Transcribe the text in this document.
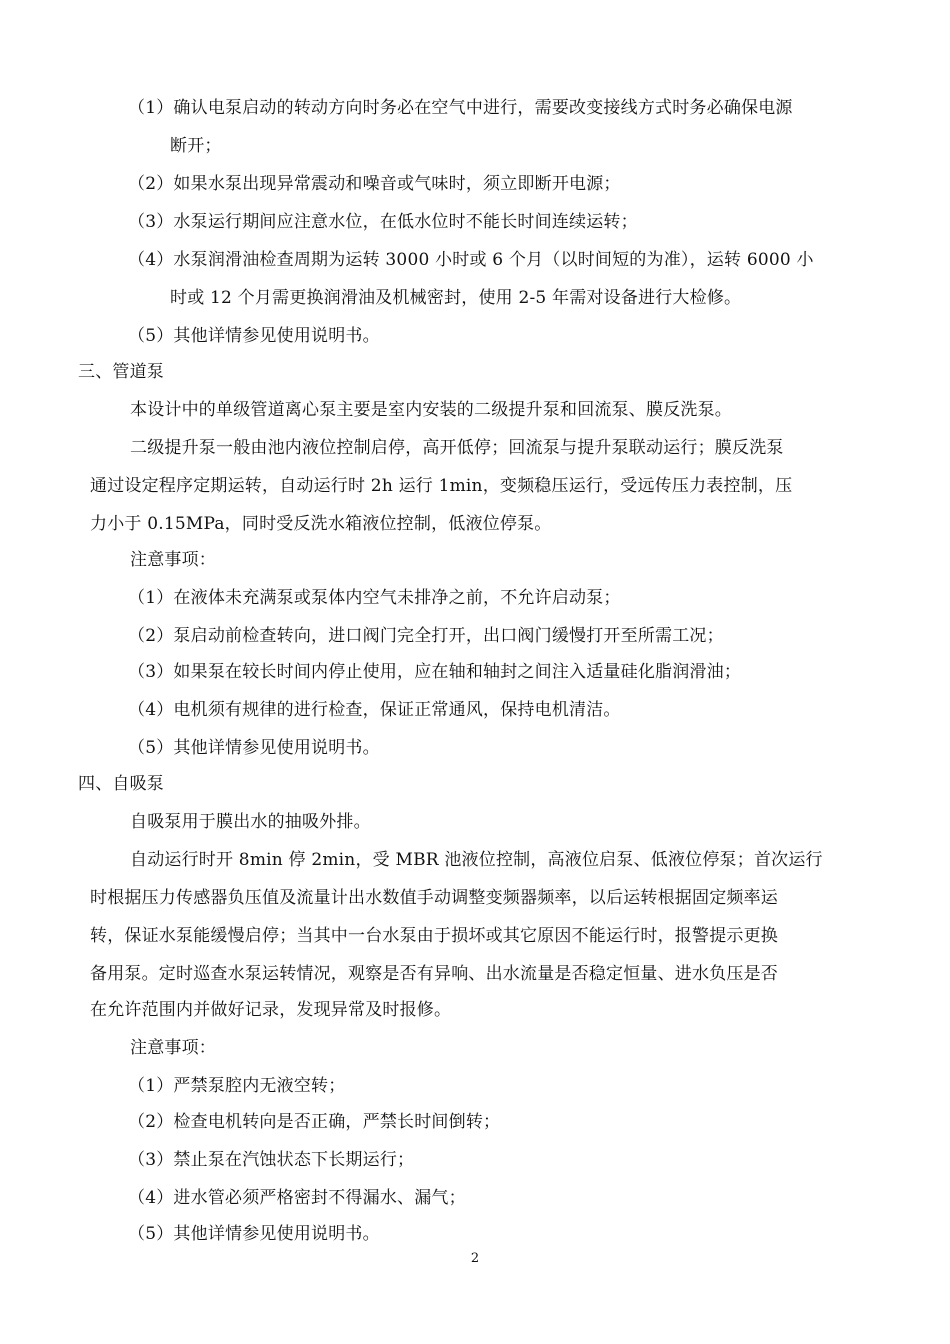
（1）确认电泵启动的转动方向时务必在空气中进行，需要改变接线方式时务必确保电源
断开；
（2）如果水泵出现异常震动和噪音或气味时，须立即断开电源；
（3）水泵运行期间应注意水位，在低水位时不能长时间连续运转；
（4）水泵润滑油检查周期为运转 3000 小时或 6 个月（以时间短的为准），运转 6000 小
时或 12 个月需更换润滑油及机械密封，使用 2-5 年需对设备进行大检修。
（5）其他详情参见使用说明书。
三、管道泵
本设计中的单级管道离心泵主要是室内安装的二级提升泵和回流泵、膜反洗泵。
二级提升泵一般由池内液位控制启停，高开低停；回流泵与提升泵联动运行；膜反洗泵
通过设定程序定期运转，自动运行时 2h 运行 1min，变频稳压运行，受远传压力表控制，压
力小于 0.15MPa，同时受反洗水箱液位控制，低液位停泵。
注意事项：
（1）在液体未充满泵或泵体内空气未排净之前，不允许启动泵；
（2）泵启动前检查转向，进口阀门完全打开，出口阀门缓慢打开至所需工况；
（3）如果泵在较长时间内停止使用，应在轴和轴封之间注入适量硅化脂润滑油；
（4）电机须有规律的进行检查，保证正常通风，保持电机清洁。
（5）其他详情参见使用说明书。
四、自吸泵
自吸泵用于膜出水的抽吸外排。
自动运行时开 8min 停 2min，受 MBR 池液位控制，高液位启泵、低液位停泵；首次运行
时根据压力传感器负压值及流量计出水数值手动调整变频器频率，以后运转根据固定频率运
转，保证水泵能缓慢启停；当其中一台水泵由于损坏或其它原因不能运行时，报警提示更换
备用泵。定时巡查水泵运转情况，观察是否有异响、出水流量是否稳定恒量、进水负压是否
在允许范围内并做好记录，发现异常及时报修。
注意事项：
（1）严禁泵腔内无液空转；
（2）检查电机转向是否正确，严禁长时间倒转；
（3）禁止泵在汽蚀状态下长期运行；
（4）进水管必须严格密封不得漏水、漏气；
（5）其他详情参见使用说明书。
2
